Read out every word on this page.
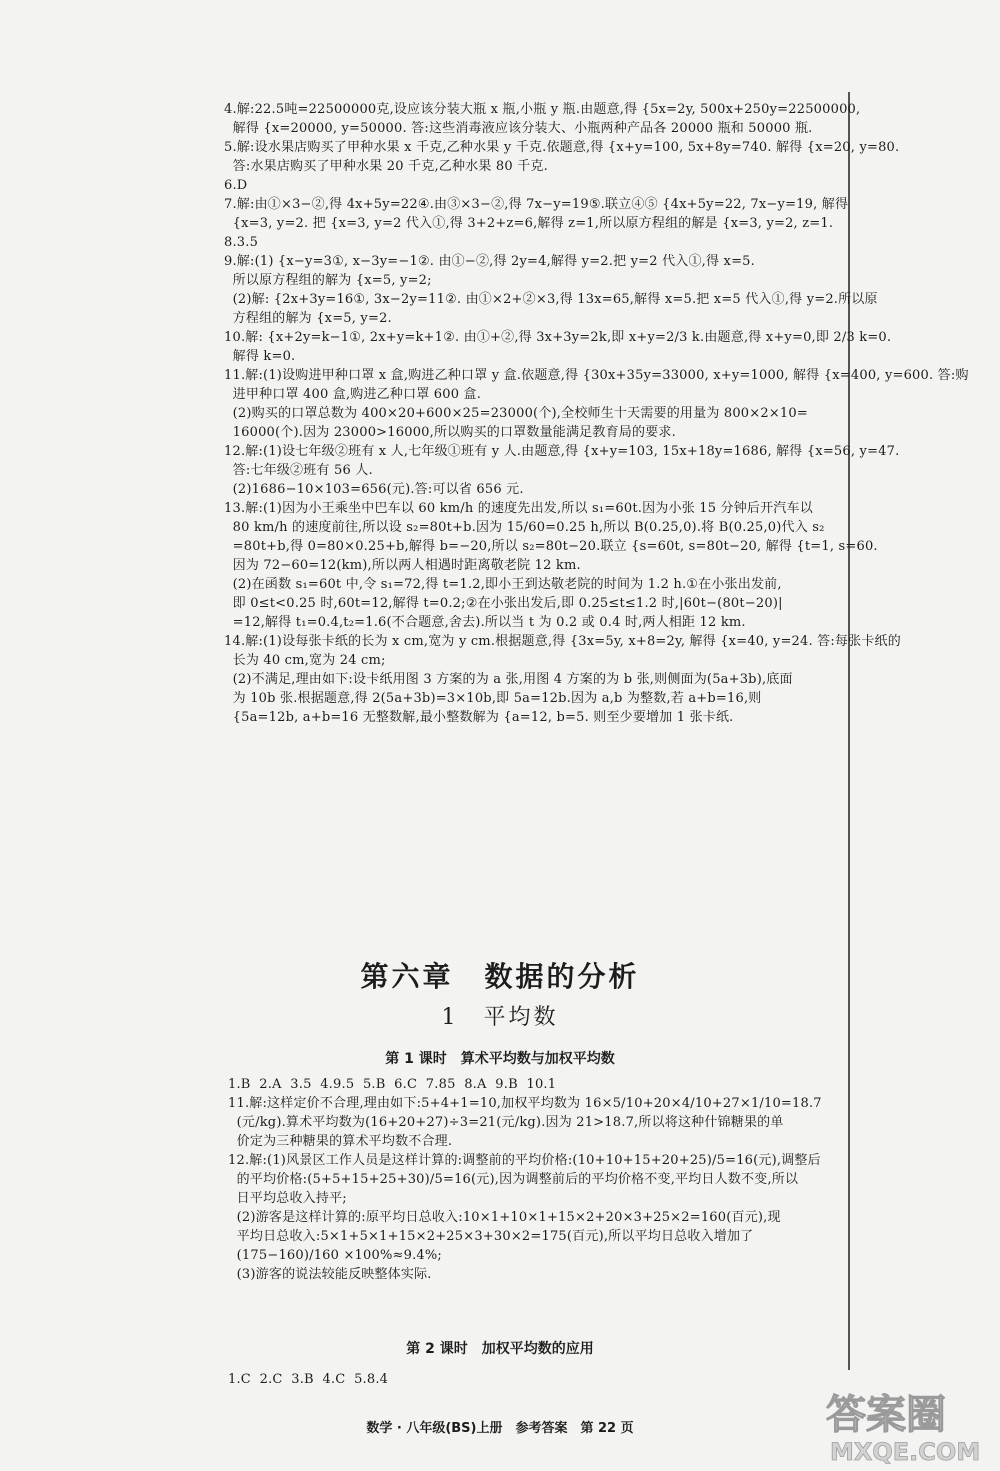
4.解:22.5吨=22500000克,设应该分装大瓶 x 瓶,小瓶 y 瓶.由题意,得 {5x=2y, 500x+250y=22500000,
解得 {x=20000, y=50000. 答:这些消毒液应该分装大、小瓶两种产品各 20000 瓶和 50000 瓶.
5.解:设水果店购买了甲种水果 x 千克,乙种水果 y 千克.依题意,得 {x+y=100, 5x+8y=740. 解得 {x=20, y=80.
答:水果店购买了甲种水果 20 千克,乙种水果 80 千克.
6.D
7.解:由①×3−②,得 4x+5y=22④.由③×3−②,得 7x−y=19⑤.联立④⑤ {4x+5y=22, 7x−y=19, 解得
{x=3, y=2. 把 {x=3, y=2 代入①,得 3+2+z=6,解得 z=1,所以原方程组的解是 {x=3, y=2, z=1.
8.3.5
9.解:(1) {x−y=3①, x−3y=−1②. 由①−②,得 2y=4,解得 y=2.把 y=2 代入①,得 x=5.
所以原方程组的解为 {x=5, y=2;
(2)解: {2x+3y=16①, 3x−2y=11②. 由①×2+②×3,得 13x=65,解得 x=5.把 x=5 代入①,得 y=2.所以原
方程组的解为 {x=5, y=2.
10.解: {x+2y=k−1①, 2x+y=k+1②. 由①+②,得 3x+3y=2k,即 x+y=2/3 k.由题意,得 x+y=0,即 2/3 k=0.
解得 k=0.
11.解:(1)设购进甲种口罩 x 盒,购进乙种口罩 y 盒.依题意,得 {30x+35y=33000, x+y=1000, 解得 {x=400, y=600. 答:购
进甲种口罩 400 盒,购进乙种口罩 600 盒.
(2)购买的口罩总数为 400×20+600×25=23000(个),全校师生十天需要的用量为 800×2×10=
16000(个).因为 23000>16000,所以购买的口罩数量能满足教育局的要求.
12.解:(1)设七年级②班有 x 人,七年级①班有 y 人.由题意,得 {x+y=103, 15x+18y=1686, 解得 {x=56, y=47.
答:七年级②班有 56 人.
(2)1686−10×103=656(元).答:可以省 656 元.
13.解:(1)因为小王乘坐中巴车以 60 km/h 的速度先出发,所以 s₁=60t.因为小张 15 分钟后开汽车以
80 km/h 的速度前往,所以设 s₂=80t+b.因为 15/60=0.25 h,所以 B(0.25,0).将 B(0.25,0)代入 s₂
=80t+b,得 0=80×0.25+b,解得 b=−20,所以 s₂=80t−20.联立 {s=60t, s=80t−20, 解得 {t=1, s=60.
因为 72−60=12(km),所以两人相遇时距离敬老院 12 km.
(2)在函数 s₁=60t 中,令 s₁=72,得 t=1.2,即小王到达敬老院的时间为 1.2 h.①在小张出发前,
即 0≤t<0.25 时,60t=12,解得 t=0.2;②在小张出发后,即 0.25≤t≤1.2 时,|60t−(80t−20)|
=12,解得 t₁=0.4,t₂=1.6(不合题意,舍去).所以当 t 为 0.2 或 0.4 时,两人相距 12 km.
14.解:(1)设每张卡纸的长为 x cm,宽为 y cm.根据题意,得 {3x=5y, x+8=2y, 解得 {x=40, y=24. 答:每张卡纸的
长为 40 cm,宽为 24 cm;
(2)不满足,理由如下:设卡纸用图 3 方案的为 a 张,用图 4 方案的为 b 张,则侧面为(5a+3b),底面
为 10b 张.根据题意,得 2(5a+3b)=3×10b,即 5a=12b.因为 a,b 为整数,若 a+b=16,则
{5a=12b, a+b=16 无整数解,最小整数解为 {a=12, b=5. 则至少要增加 1 张卡纸.
第六章　数据的分析
1　平均数
第 1 课时　算术平均数与加权平均数
1.B  2.A  3.5  4.9.5  5.B  6.C  7.85  8.A  9.B  10.1
11.解:这样定价不合理,理由如下:5+4+1=10,加权平均数为 16×5/10+20×4/10+27×1/10=18.7
(元/kg).算术平均数为(16+20+27)÷3=21(元/kg).因为 21>18.7,所以将这种什锦糖果的单
价定为三种糖果的算术平均数不合理.
12.解:(1)风景区工作人员是这样计算的:调整前的平均价格:(10+10+15+20+25)/5=16(元),调整后
的平均价格:(5+5+15+25+30)/5=16(元),因为调整前后的平均价格不变,平均日人数不变,所以
日平均总收入持平;
(2)游客是这样计算的:原平均日总收入:10×1+10×1+15×2+20×3+25×2=160(百元),现
平均日总收入:5×1+5×1+15×2+25×3+30×2=175(百元),所以平均日总收入增加了
(175−160)/160 ×100%≈9.4%;
(3)游客的说法较能反映整体实际.
第 2 课时　加权平均数的应用
1.C  2.C  3.B  4.C  5.8.4
数学 · 八年级(BS)上册　参考答案　第 22 页	答案圈
MXQE.COM
